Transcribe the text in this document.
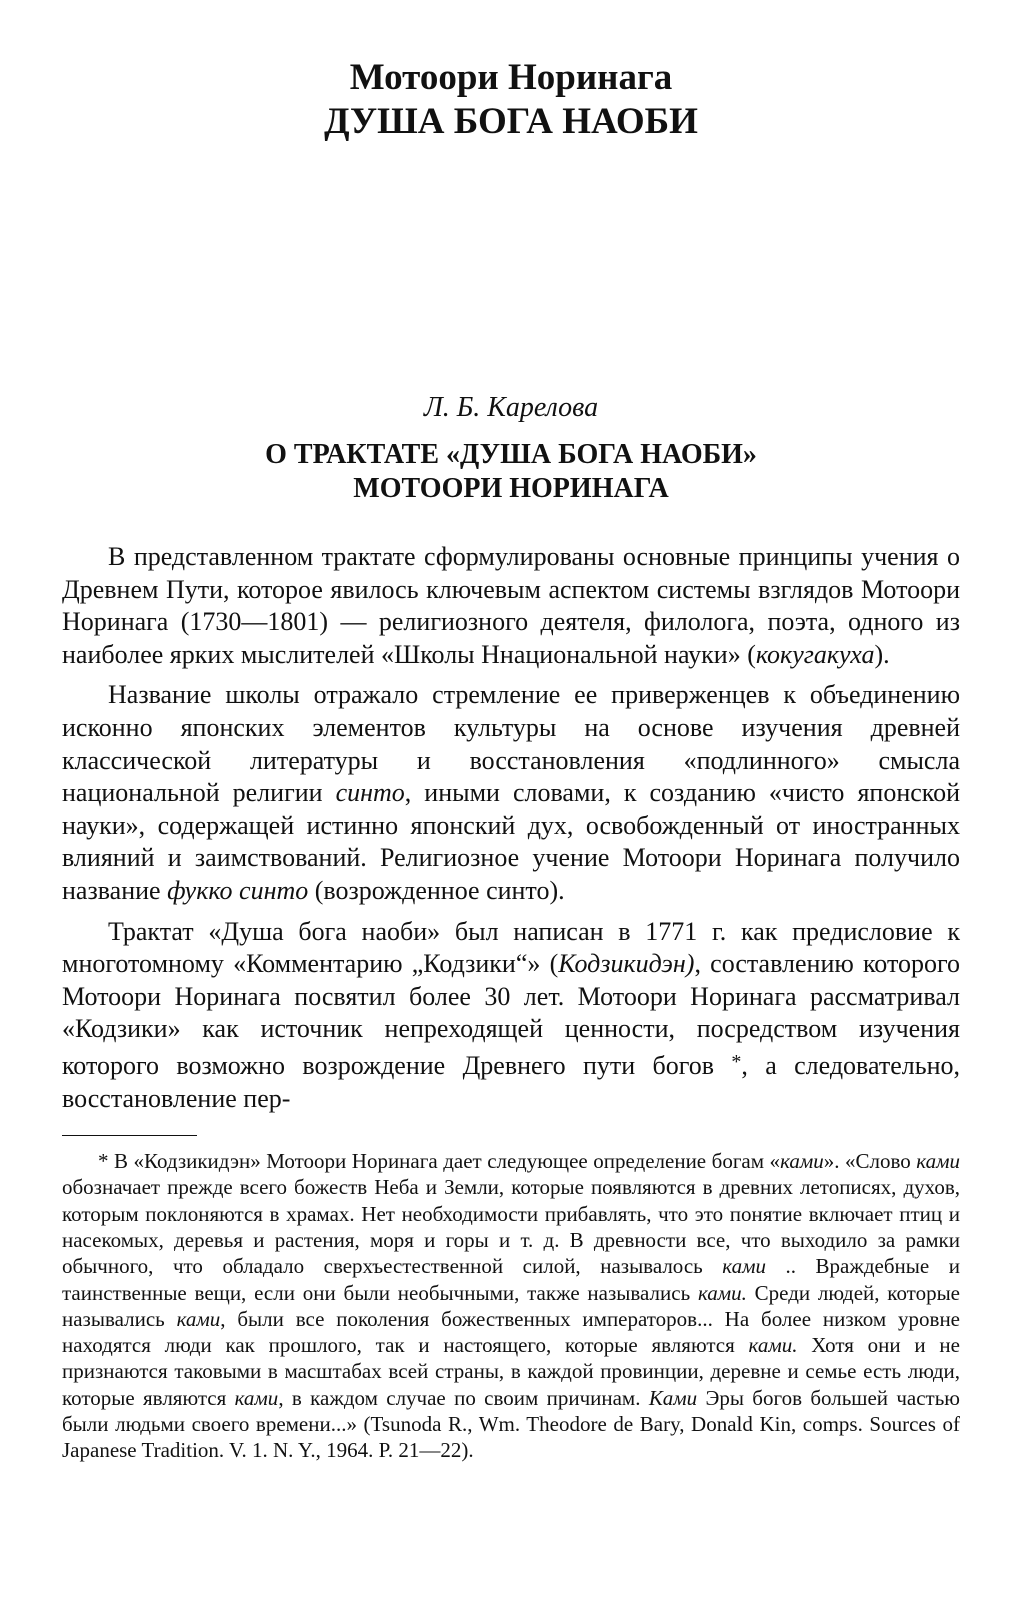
Мотоори Норинага
ДУША БОГА НАОБИ
Л. Б. Карелова
О ТРАКТАТЕ «ДУША БОГА НАОБИ»
МОТООРИ НОРИНАГА

В представленном трактате сформулированы основные принципы учения о Древнем Пути, которое явилось ключевым аспектом системы взглядов Мотоори Норинага (1730—1801) — религиозного деятеля, филолога, поэта, одного из наиболее ярких мыслителей «Школы Ннациональной науки» (кокугакуха).

Название школы отражало стремление ее приверженцев к объединению исконно японских элементов культуры на основе изучения древней классической литературы и восстановления «подлинного» смысла национальной религии синто, иными словами, к созданию «чисто японской науки», содержащей истинно японский дух, освобожденный от иностранных влияний и заимствований. Религиозное учение Мотоори Норинага получило название фукко синто (возрожденное синто).

Трактат «Душа бога наоби» был написан в 1771 г. как предисловие к многотомному «Комментарию „Кодзики“» (Кодзикидэн), составлению которого Мотоори Норинага посвятил более 30 лет. Мотоори Норинага рассматривал «Кодзики» как источник непреходящей ценности, посредством изучения которого возможно возрождение Древнего пути богов *, а следовательно, восстановление пер-

* В «Кодзикидэн» Мотоори Норинага дает следующее определение богам «ками». «Слово ками обозначает прежде всего божеств Неба и Земли, которые появляются в древних летописях, духов, которым поклоняются в храмах. Нет необходимости прибавлять, что это понятие включает птиц и насекомых, деревья и растения, моря и горы и т. д. В древности все, что выходило за рамки обычного, что обладало сверхъестественной силой, называлось ками .. Враждебные и таинственные вещи, если они были необычными, также назывались ками. Среди людей, которые назывались ками, были все поколения божественных императоров... На более низком уровне находятся люди как прошлого, так и настоящего, которые являются ками. Хотя они и не признаются таковыми в масштабах всей страны, в каждой провинции, деревне и семье есть люди, которые являются ками, в каждом случае по своим причинам. Ками Эры богов большей частью были людьми своего времени...» (Tsunoda R., Wm. Theodore de Bary, Donald Kin, comps. Sources of Japanese Tradition. V. 1. N. Y., 1964. P. 21—22).
